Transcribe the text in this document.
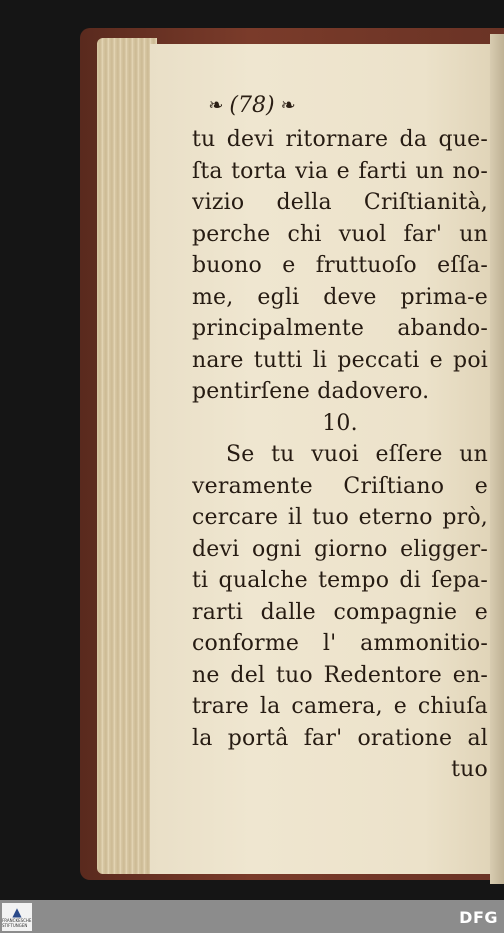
❧ (78) ❧
tu devi ritornare da que-
ſta torta via e farti un no-
vizio della Criſtianità,
perche chi vuol far' un
buono e fruttuoſo eſſa-
me, egli deve prima-e
principalmente abando-
nare tutti li peccati e poi
pentirſene dadovero.
10.
Se tu vuoi eſſere un
veramente Criſtiano e
cercare il tuo eterno prò,
devi ogni giorno eligger-
ti qualche tempo di ſepa-
rarti dalle compagnie e
conforme l' ammonitio-
ne del tuo Redentore en-
trare la camera, e chiuſa
la portâ far' oratione al
tuo
▲
FRANCKESCHE STIFTUNGEN	DFG
